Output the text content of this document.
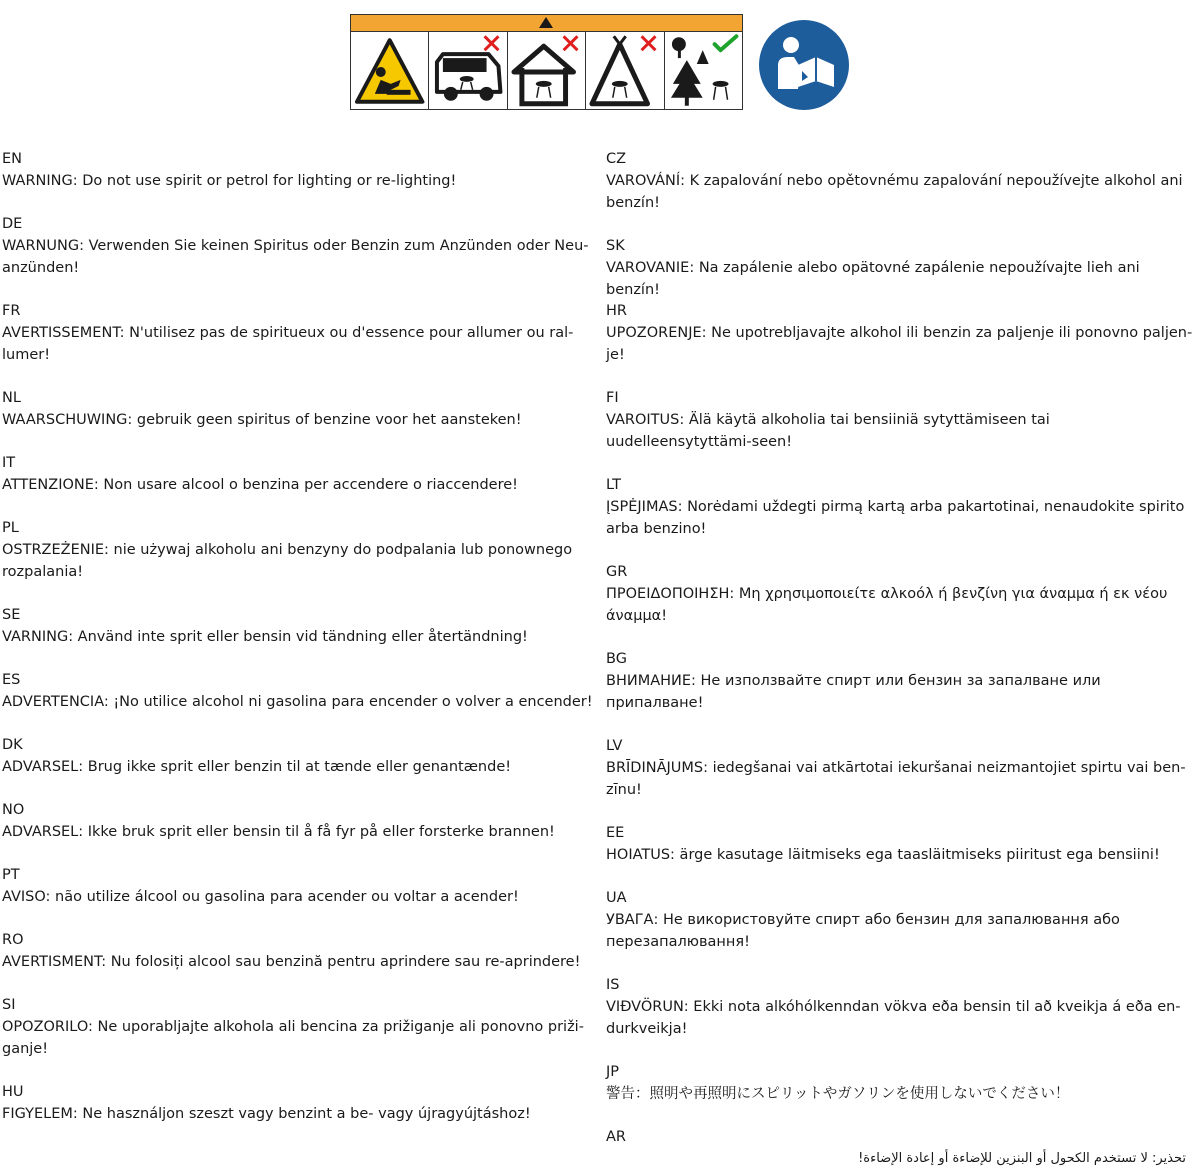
EN
WARNING: Do not use spirit or petrol for lighting or re-lighting!
DE
WARNUNG: Verwenden Sie keinen Spiritus oder Benzin zum Anzünden oder Neu-anzünden!
FR
AVERTISSEMENT: N'utilisez pas de spiritueux ou d'essence pour allumer ou ral-lumer!
NL
WAARSCHUWING: gebruik geen spiritus of benzine voor het aansteken!
IT
ATTENZIONE: Non usare alcool o benzina per accendere o riaccendere!
PL
OSTRZEŻENIE: nie używaj alkoholu ani benzyny do podpalania lub ponownego rozpalania!
SE
VARNING: Använd inte sprit eller bensin vid tändning eller återtändning!
ES
ADVERTENCIA: ¡No utilice alcohol ni gasolina para encender o volver a encender!
DK
ADVARSEL: Brug ikke sprit eller benzin til at tænde eller genantænde!
NO
ADVARSEL: Ikke bruk sprit eller bensin til å få fyr på eller forsterke brannen!
PT
AVISO: não utilize álcool ou gasolina para acender ou voltar a acender!
RO
AVERTISMENT: Nu folosiți alcool sau benzină pentru aprindere sau re-aprindere!
SI
OPOZORILO: Ne uporabljajte alkohola ali bencina za prižiganje ali ponovno priži-ganje!
HU
FIGYELEM: Ne használjon szeszt vagy benzint a be- vagy újragyújtáshoz!
CZ
VAROVÁNÍ: K zapalování nebo opětovnému zapalování nepoužívejte alkohol ani benzín!
SK
VAROVANIE: Na zapálenie alebo opätovné zapálenie nepoužívajte lieh ani benzín!
HR
UPOZORENJE: Ne upotrebljavajte alkohol ili benzin za paljenje ili ponovno paljen-je!
FI
VAROITUS: Älä käytä alkoholia tai bensiiniä sytyttämiseen tai uudelleensytyttämi-seen!
LT
ĮSPĖJIMAS: Norėdami uždegti pirmą kartą arba pakartotinai, nenaudokite spirito arba benzino!
GR
ΠΡΟΕΙΔΟΠΟΙΗΣΗ: Μη χρησιμοποιείτε αλκοόλ ή βενζίνη για άναμμα ή εκ νέου άναμμα!
BG
ВНИМАНИЕ: Не използвайте спирт или бензин за запалване или припалване!
LV
BRĪDINĀJUMS: iedegšanai vai atkārtotai iekuršanai neizmantojiet spirtu vai ben-zīnu!
EE
HOIATUS: ärge kasutage läitmiseks ega taasläitmiseks piiritust ega bensiini!
UA
УВАГА: Не використовуйте спирт або бензин для запалювання або перезапалювання!
IS
VIÐVÖRUN: Ekki nota alkóhólkenndan vökva eða bensin til að kveikja á eða en-durkveikja!
JP
警告：照明や再照明にスピリットやガソリンを使用しないでください！
AR
تحذير: لا تستخدم الكحول أو البنزين للإضاءة أو إعادة الإضاءة!
